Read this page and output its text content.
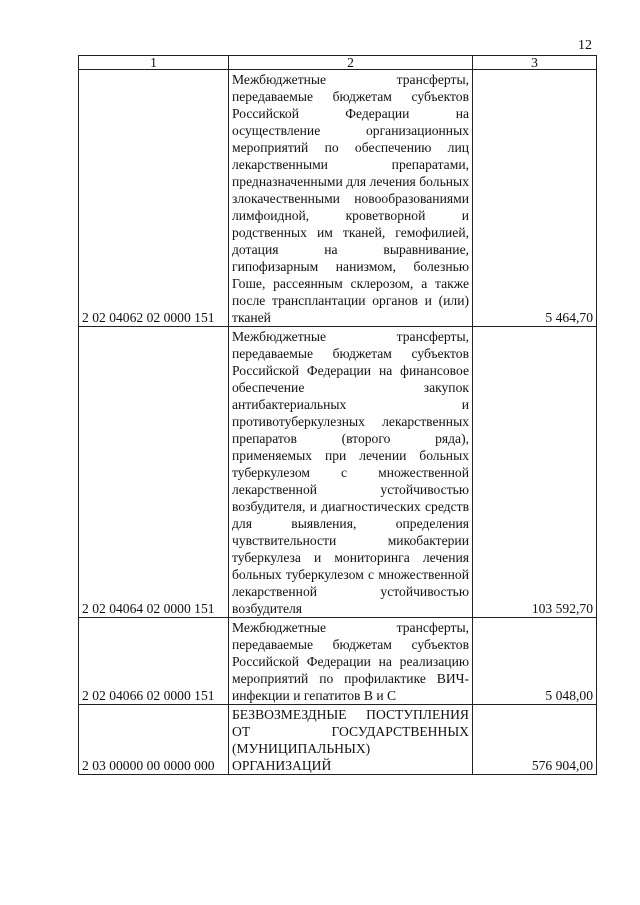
12
1	2	3
2 02 04062 02 0000 151	Межбюджетные трансферты, передаваемые бюджетам субъектов Российской Федерации на осуществление организационных мероприятий по обеспечению лиц лекарственными препаратами, предназначенными для лечения больных злокачественными новообразованиями лимфоидной, кроветворной и родственных им тканей, гемофилией, дотация на выравнивание, гипофизарным нанизмом, болезнью Гоше, рассеянным склерозом, а также после трансплантации органов и (или) тканей	5 464,70
2 02 04064 02 0000 151	Межбюджетные трансферты, передаваемые бюджетам субъектов Российской Федерации на финансовое обеспечение закупок антибактериальных и противотуберкулезных лекарственных препаратов (второго ряда), применяемых при лечении больных туберкулезом с множественной лекарственной устойчивостью возбудителя, и диагностических средств для выявления, определения чувствительности микобактерии туберкулеза и мониторинга лечения больных туберкулезом с множественной лекарственной устойчивостью возбудителя	103 592,70
2 02 04066 02 0000 151	Межбюджетные трансферты, передаваемые бюджетам субъектов Российской Федерации на реализацию мероприятий по профилактике ВИЧ-инфекции и гепатитов В и С	5 048,00
2 03 00000 00 0000 000	БЕЗВОЗМЕЗДНЫЕ ПОСТУПЛЕНИЯ ОТ ГОСУДАРСТВЕННЫХ (МУНИЦИПАЛЬНЫХ) ОРГАНИЗАЦИЙ	576 904,00
